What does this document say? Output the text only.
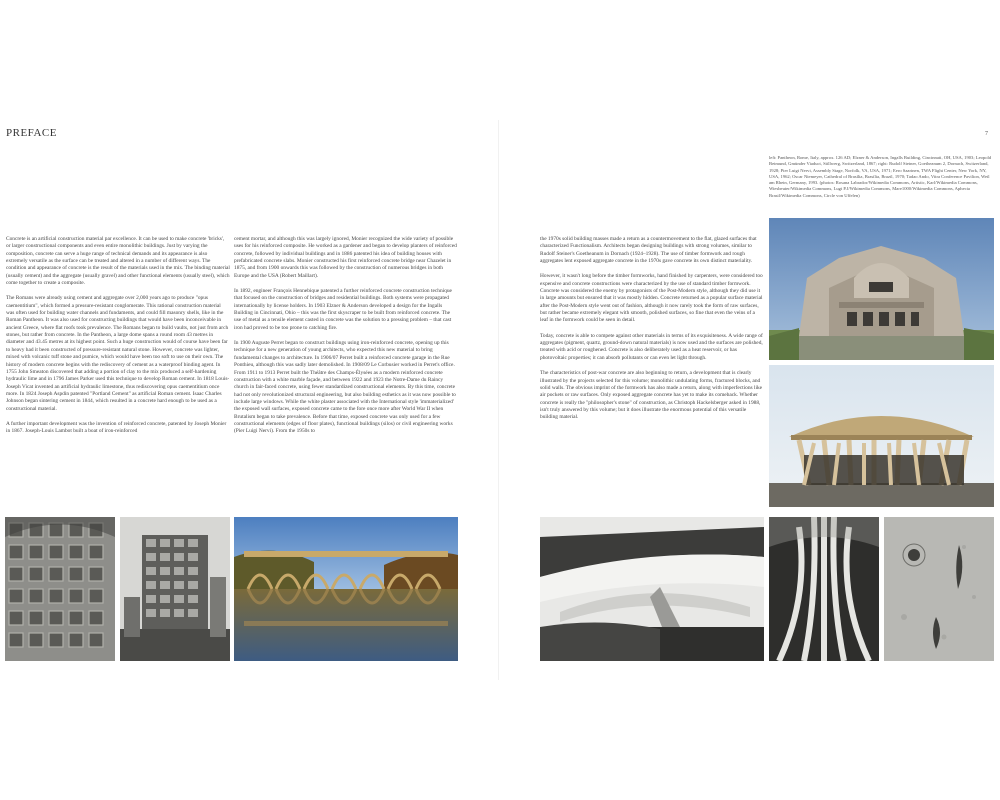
PREFACE	7

left: Pantheon, Rome, Italy, approx. 126 AD; Elzner & Anderson, Ingalls Building, Cincinnati, OH, USA, 1903; Leopold Beimund, Gmünder Viaduct, Stillwerg, Switzerland, 1867; right: Rudolf Steiner, Goetheanum 2, Dornach, Switzerland, 1928; Pier Luigi Nervi, Assembly Stage, Norfolk, VA, USA, 1971; Eero Saarinen, TWA Flight Center, New York, NY, USA, 1962; Oscar Niemeyer, Cathedral of Brasília, Brasília, Brazil, 1970; Tadao Ando, Vitra Conference Pavilion, Weil am Rhein, Germany, 1993. (photos: Rosana Labrador/Wikimedia Commons, Artistic, Karl/Wikimedia Commons, Wiesbeuter/Wikimedia Commons, Lugi P.J/Wikimedia Commons, Mare1000/Wikimedia Commons, Aphecia Brasil/Wikimedia Commons, Circle von Uffelen)

Concrete is an artificial construction material par excellence. It can be used to make concrete 'bricks', or larger constructional components and even entire monolithic buildings. Just by varying the composition, concrete can serve a huge range of technical demands and its appearance is also extremely versatile as the surface can be treated and altered in a number of different ways. The condition and appearance of concrete is the result of the materials used in the mix. The binding material (usually cement) and the aggregate (usually gravel) and other functional elements (usually steel), which come together to create a composite.

The Romans were already using cement and aggregate over 2,000 years ago to produce "opus caementitium", which formed a pressure-resistant conglomerate. This rational construction material was often used for building water channels and fundaments, and could fill masonry shells, like in the Roman Pantheon. It was also used for constructing buildings that would have been inconceivable in ancient Greece, where flat roofs took prevalence. The Romans began to build vaults, not just from arch stones, but rather from concrete. In the Pantheon, a large dome spans a round room 43 metres in diameter and 43.45 metres at its highest point. Such a huge construction would of course have been far to heavy had it been constructed of pressure-resistant natural stone. However, concrete was lighter, mixed with volcanic tuff stone and pumice, which would have been too soft to use on their own. The history of modern concrete begins with the rediscovery of cement as a waterproof binding agent. In 1755 John Smeaton discovered that adding a portion of clay to the mix produced a self-hardening hydraulic lime and in 1796 James Parker used this technique to develop Roman cement. In 1818 Louis-Joseph Vicat invented an artificial hydraulic limestone, thus rediscovering opus caementitium once more. In 1824 Joseph Aspdin patented "Portland Cement" as artificial Roman cement. Isaac Charles Johnson began sintering cement in 1844, which resulted in a concrete hard enough to be used as a constructional material.

A further important development was the invention of reinforced concrete, patented by Joseph Monier in 1867. Joseph-Louis Lambot built a boat of iron-reinforced

cement mortar, and although this was largely ignored, Monier recognized the wide variety of possible uses for his reinforced composite. He worked as a gardener and began to develop planters of reinforced concrete, followed by individual buildings and in 1886 patented his idea of building houses with prefabricated concrete slabs. Monier constructed his first reinforced concrete bridge near Chazelet in 1875, and from 1900 onwards this was followed by the construction of numerous bridges in both Europe and the USA (Robert Maillart).

In 1892, engineer François Hennebique patented a further reinforced concrete construction technique that focused on the construction of bridges and residential buildings. Both systems were propagated internationally by license holders. In 1903 Elzner & Anderson developed a design for the Ingalls Building in Cincinnati, Ohio – this was the first skyscraper to be built from reinforced concrete. The use of metal as a tensile element casted in concrete was the solution to a pressing problem – that cast iron had proved to be too prone to catching fire.

In 1900 Auguste Perret began to construct buildings using iron-reinforced concrete, opening up this technique for a new generation of young architects, who expected this new material to bring fundamental changes to architecture. In 1906/07 Perret built a reinforced concrete garage in the Rue Ponthieu, although this was sadly later demolished. In 1908/09 Le Corbusier worked in Perret's office. From 1911 to 1913 Perret built the Théâtre des Champs-Élysées as a modern reinforced concrete construction with a white marble façade, and between 1922 and 1923 the Notre-Dame du Raincy church in fair-faced concrete, using fewer standardized constructional elements. By this time, concrete had not only revolutionized structural engineering, but also building esthetics as it was now possible to include large windows. While the white plaster associated with the International style 'immaterialized' the exposed wall surfaces, exposed concrete came to the fore once more after World War II when Brutalism began to take prevalence. Before that time, exposed concrete was only used for a few constructional elements (edges of floor plates), functional buildings (silos) or civil engineering works (Pier Luigi Nervi). From the 1950s to

the 1970s solid building masses made a return as a countermovement to the flat, glazed surfaces that characterized Functionalism. Architects began designing buildings with strong volumes, similar to Rudolf Steiner's Goetheanum in Dornach (1924–1928). The use of timber formwork and rough aggregates lent exposed aggregate concrete in the 1970s gave concrete its own distinct materiality.

However, it wasn't long before the timber formworks, hand finished by carpenters, were considered too expensive and concrete constructions were characterized by the use of standard timber formwork. Concrete was considered the enemy by protagonists of the Post-Modern style, although they did use it in large amounts but ensured that it was mostly hidden. Concrete returned as a popular surface material after the Post-Modern style went out of fashion, although it now rarely took the form of raw surfaces, but rather became extremely elegant with smooth, polished surfaces, so fine that even the veins of a leaf in the formwork could be seen in detail.

Today, concrete is able to compete against other materials in terms of its exquisiteness. A wide range of aggregates (pigment, quartz, ground-down natural materials) is now used and the surfaces are polished, treated with acid or roughened. Concrete is also deliberately used as a heat reservoir, or has photovoltaic properties; it can absorb pollutants or can even let light through.

The characteristics of post-war concrete are also beginning to return, a development that is clearly illustrated by the projects selected for this volume; monolithic undulating forms, fractured blocks, and solid walls. The obvious imprint of the formwork has also made a return, along with imperfections like air pockets or raw surfaces. Only exposed aggregate concrete has yet to make its comeback. Whether concrete is really the "philosopher's stone" of construction, as Christoph Hackelsberger asked in 1988, isn't truly answered by this volume; but it does illustrate the enormous potential of this versatile building material.
